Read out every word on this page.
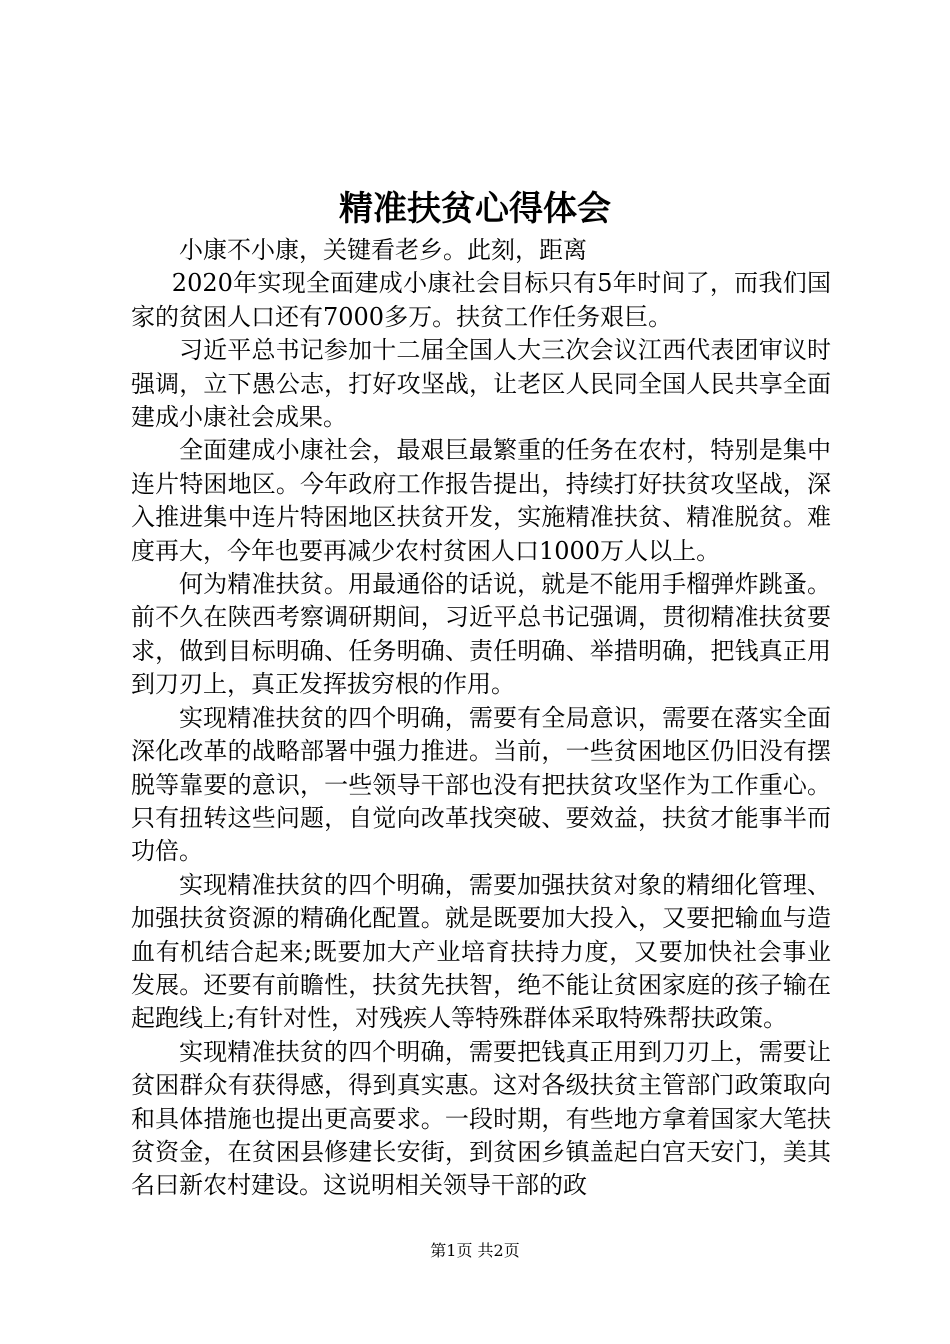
精准扶贫心得体会

小康不小康，关键看老乡。此刻，距离

2020年实现全面建成小康社会目标只有5年时间了，而我们国家的贫困人口还有7000多万。扶贫工作任务艰巨。

习近平总书记参加十二届全国人大三次会议江西代表团审议时强调，立下愚公志，打好攻坚战，让老区人民同全国人民共享全面建成小康社会成果。

全面建成小康社会，最艰巨最繁重的任务在农村，特别是集中连片特困地区。今年政府工作报告提出，持续打好扶贫攻坚战，深入推进集中连片特困地区扶贫开发，实施精准扶贫、精准脱贫。难度再大，今年也要再减少农村贫困人口1000万人以上。

何为精准扶贫。用最通俗的话说，就是不能用手榴弹炸跳蚤。前不久在陕西考察调研期间，习近平总书记强调，贯彻精准扶贫要求，做到目标明确、任务明确、责任明确、举措明确，把钱真正用到刀刃上，真正发挥拔穷根的作用。

实现精准扶贫的四个明确，需要有全局意识，需要在落实全面深化改革的战略部署中强力推进。当前，一些贫困地区仍旧没有摆脱等靠要的意识，一些领导干部也没有把扶贫攻坚作为工作重心。只有扭转这些问题，自觉向改革找突破、要效益，扶贫才能事半而功倍。

实现精准扶贫的四个明确，需要加强扶贫对象的精细化管理、加强扶贫资源的精确化配置。就是既要加大投入，又要把输血与造血有机结合起来;既要加大产业培育扶持力度，又要加快社会事业发展。还要有前瞻性，扶贫先扶智，绝不能让贫困家庭的孩子输在起跑线上;有针对性，对残疾人等特殊群体采取特殊帮扶政策。

实现精准扶贫的四个明确，需要把钱真正用到刀刃上，需要让贫困群众有获得感，得到真实惠。这对各级扶贫主管部门政策取向和具体措施也提出更高要求。一段时期，有些地方拿着国家大笔扶贫资金，在贫困县修建长安街，到贫困乡镇盖起白宫天安门，美其名曰新农村建设。这说明相关领导干部的政

第1页 共2页
